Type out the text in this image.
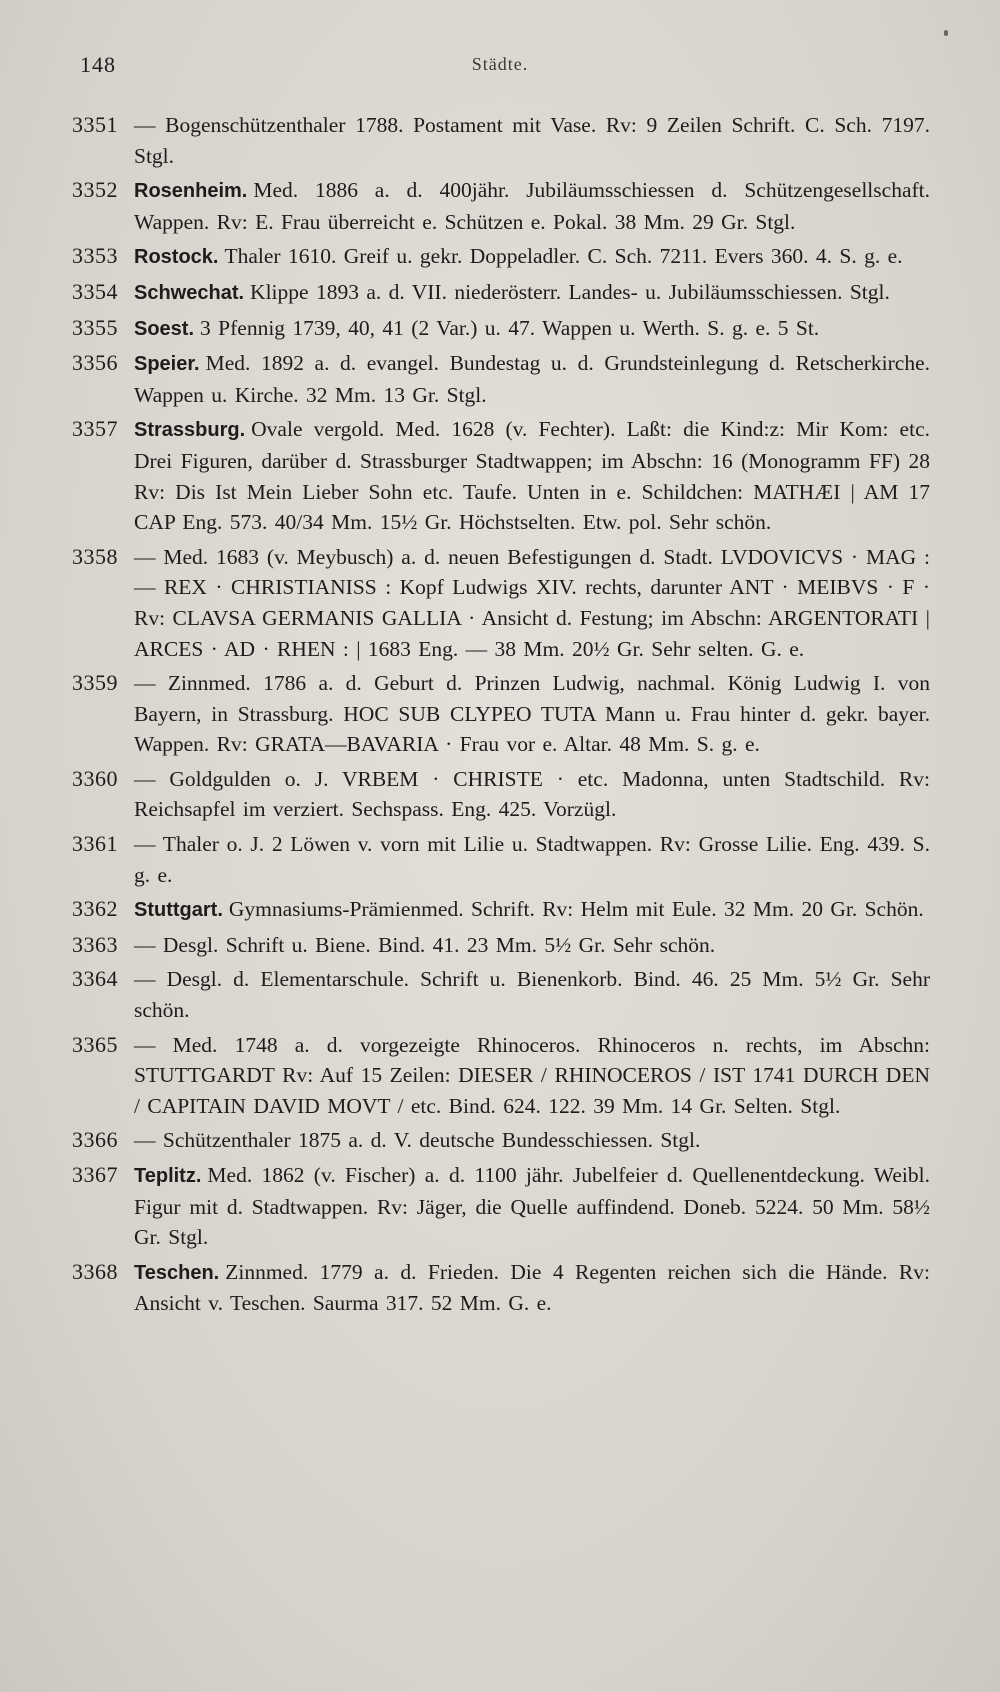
148	Städte.
3351 — Bogenschützenthaler 1788. Postament mit Vase. Rv: 9 Zeilen Schrift. C. Sch. 7197. Stgl.
3352 Rosenheim. Med. 1886 a. d. 400jähr. Jubiläumsschiessen d. Schützengesellschaft. Wappen. Rv: E. Frau überreicht e. Schützen e. Pokal. 38 Mm. 29 Gr. Stgl.
3353 Rostock. Thaler 1610. Greif u. gekr. Doppeladler. C. Sch. 7211. Evers 360. 4. S. g. e.
3354 Schwechat. Klippe 1893 a. d. VII. niederösterr. Landes- u. Jubiläumsschiessen. Stgl.
3355 Soest. 3 Pfennig 1739, 40, 41 (2 Var.) u. 47. Wappen u. Werth. S. g. e. 5 St.
3356 Speier. Med. 1892 a. d. evangel. Bundestag u. d. Grundsteinlegung d. Retscherkirche. Wappen u. Kirche. 32 Mm. 13 Gr. Stgl.
3357 Strassburg. Ovale vergold. Med. 1628 (v. Fechter). Laßt: die Kind:z: Mir Kom: etc. Drei Figuren, darüber d. Strassburger Stadtwappen; im Abschn: 16 (Monogramm FF) 28 Rv: Dis Ist Mein Lieber Sohn etc. Taufe. Unten in e. Schildchen: MATHÆI | AM 17 CAP Eng. 573. 40/34 Mm. 15½ Gr. Höchstselten. Etw. pol. Sehr schön.
3358 — Med. 1683 (v. Meybusch) a. d. neuen Befestigungen d. Stadt. LVDOVICVS · MAG : — REX · CHRISTIANISS : Kopf Ludwigs XIV. rechts, darunter ANT · MEIBVS · F · Rv: CLAVSA GERMANIS GALLIA · Ansicht d. Festung; im Abschn: ARGENTORATI | ARCES · AD · RHEN : | 1683 Eng. — 38 Mm. 20½ Gr. Sehr selten. G. e.
3359 — Zinnmed. 1786 a. d. Geburt d. Prinzen Ludwig, nachmal. König Ludwig I. von Bayern, in Strassburg. HOC SUB CLYPEO TUTA Mann u. Frau hinter d. gekr. bayer. Wappen. Rv: GRATA—BAVARIA · Frau vor e. Altar. 48 Mm. S. g. e.
3360 — Goldgulden o. J. VRBEM · CHRISTE · etc. Madonna, unten Stadtschild. Rv: Reichsapfel im verziert. Sechspass. Eng. 425. Vorzügl.
3361 — Thaler o. J. 2 Löwen v. vorn mit Lilie u. Stadtwappen. Rv: Grosse Lilie. Eng. 439. S. g. e.
3362 Stuttgart. Gymnasiums-Prämienmed. Schrift. Rv: Helm mit Eule. 32 Mm. 20 Gr. Schön.
3363 — Desgl. Schrift u. Biene. Bind. 41. 23 Mm. 5½ Gr. Sehr schön.
3364 — Desgl. d. Elementarschule. Schrift u. Bienenkorb. Bind. 46. 25 Mm. 5½ Gr. Sehr schön.
3365 — Med. 1748 a. d. vorgezeigte Rhinoceros. Rhinoceros n. rechts, im Abschn: STUTTGARDT Rv: Auf 15 Zeilen: DIESER / RHINOCEROS / IST 1741 DURCH DEN / CAPITAIN DAVID MOVT / etc. Bind. 624. 122. 39 Mm. 14 Gr. Selten. Stgl.
3366 — Schützenthaler 1875 a. d. V. deutsche Bundesschiessen. Stgl.
3367 Teplitz. Med. 1862 (v. Fischer) a. d. 1100 jähr. Jubelfeier d. Quellenentdeckung. Weibl. Figur mit d. Stadtwappen. Rv: Jäger, die Quelle auffindend. Doneb. 5224. 50 Mm. 58½ Gr. Stgl.
3368 Teschen. Zinnmed. 1779 a. d. Frieden. Die 4 Regenten reichen sich die Hände. Rv: Ansicht v. Teschen. Saurma 317. 52 Mm. G. e.
